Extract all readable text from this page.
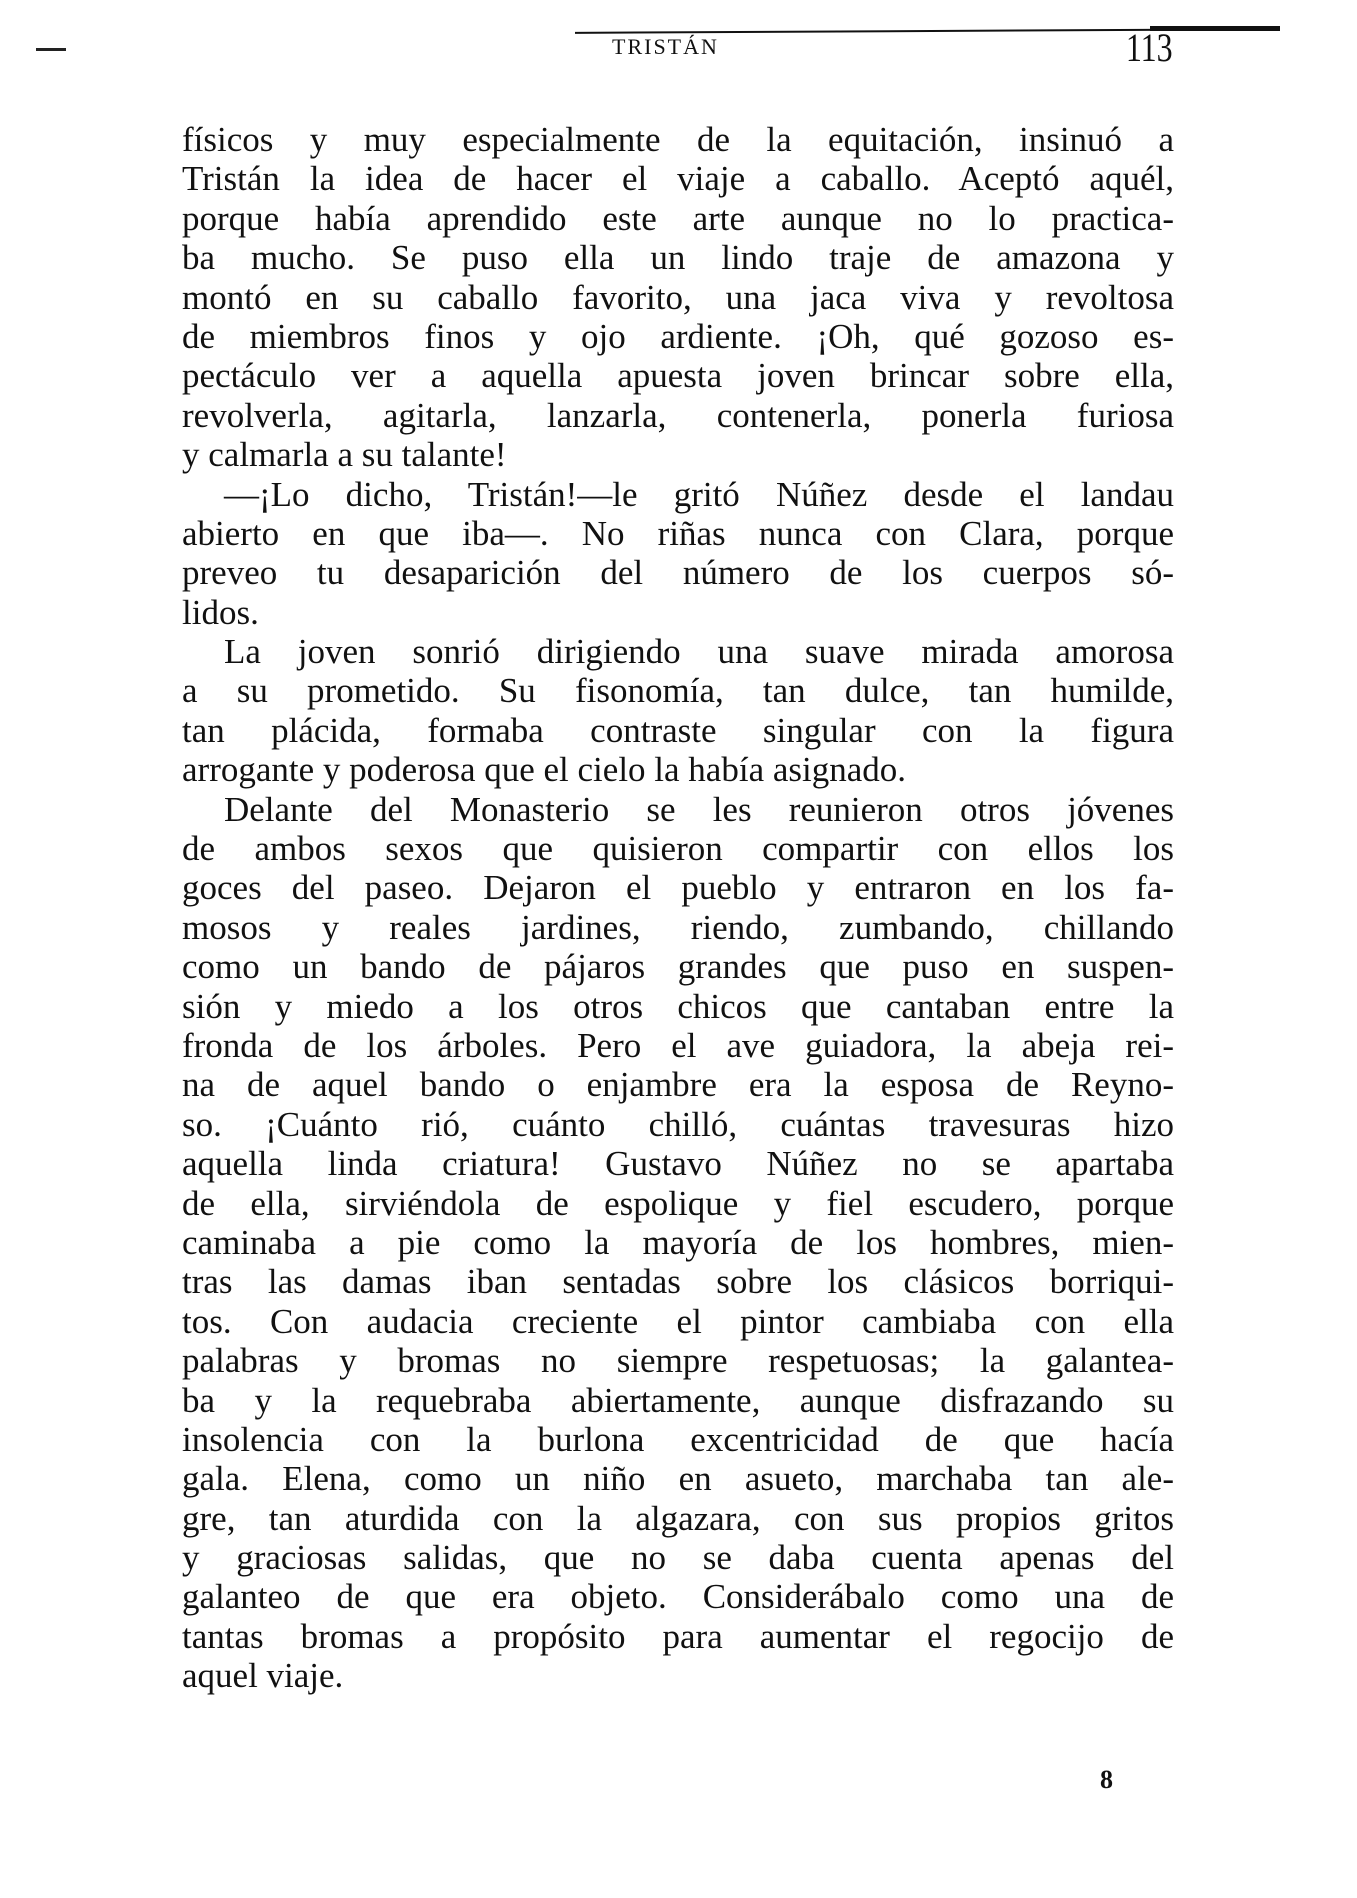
TRISTÁN	113
físicos y muy especialmente de la equitación, insinuó a
Tristán la idea de hacer el viaje a caballo. Aceptó aquél,
porque había aprendido este arte aunque no lo practica-
ba mucho. Se puso ella un lindo traje de amazona y
montó en su caballo favorito, una jaca viva y revoltosa
de miembros finos y ojo ardiente. ¡Oh, qué gozoso es-
pectáculo ver a aquella apuesta joven brincar sobre ella,
revolverla, agitarla, lanzarla, contenerla, ponerla furiosa
y calmarla a su talante!
—¡Lo dicho, Tristán!—le gritó Núñez desde el landau
abierto en que iba—. No riñas nunca con Clara, porque
preveo tu desaparición del número de los cuerpos só-
lidos.
La joven sonrió dirigiendo una suave mirada amorosa
a su prometido. Su fisonomía, tan dulce, tan humilde,
tan plácida, formaba contraste singular con la figura
arrogante y poderosa que el cielo la había asignado.
Delante del Monasterio se les reunieron otros jóvenes
de ambos sexos que quisieron compartir con ellos los
goces del paseo. Dejaron el pueblo y entraron en los fa-
mosos y reales jardines, riendo, zumbando, chillando
como un bando de pájaros grandes que puso en suspen-
sión y miedo a los otros chicos que cantaban entre la
fronda de los árboles. Pero el ave guiadora, la abeja rei-
na de aquel bando o enjambre era la esposa de Reyno-
so. ¡Cuánto rió, cuánto chilló, cuántas travesuras hizo
aquella linda criatura! Gustavo Núñez no se apartaba
de ella, sirviéndola de espolique y fiel escudero, porque
caminaba a pie como la mayoría de los hombres, mien-
tras las damas iban sentadas sobre los clásicos borriqui-
tos. Con audacia creciente el pintor cambiaba con ella
palabras y bromas no siempre respetuosas; la galantea-
ba y la requebraba abiertamente, aunque disfrazando su
insolencia con la burlona excentricidad de que hacía
gala. Elena, como un niño en asueto, marchaba tan ale-
gre, tan aturdida con la algazara, con sus propios gritos
y graciosas salidas, que no se daba cuenta apenas del
galanteo de que era objeto. Considerábalo como una de
tantas bromas a propósito para aumentar el regocijo de
aquel viaje.
8
